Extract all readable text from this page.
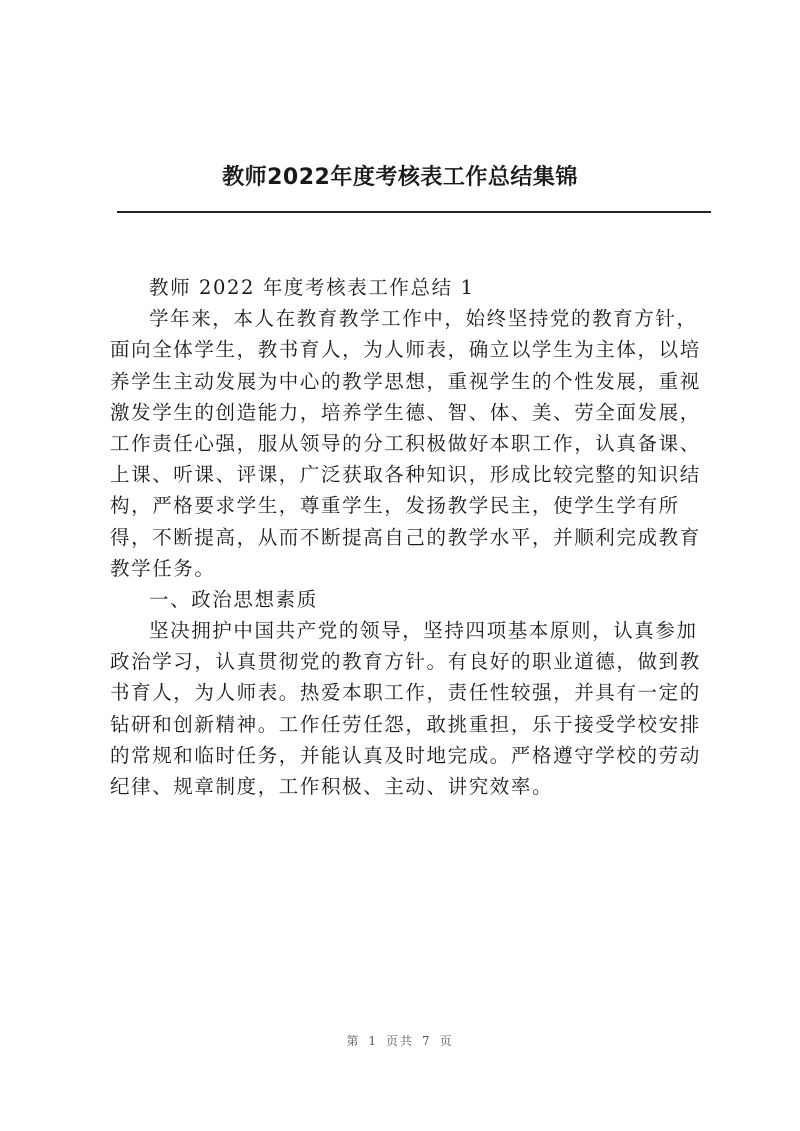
教师2022年度考核表工作总结集锦
教师 2022 年度考核表工作总结 1
学年来，本人在教育教学工作中，始终坚持党的教育方针，
面向全体学生，教书育人，为人师表，确立以学生为主体，以培
养学生主动发展为中心的教学思想，重视学生的个性发展，重视
激发学生的创造能力，培养学生德、智、体、美、劳全面发展，
工作责任心强，服从领导的分工积极做好本职工作，认真备课、
上课、听课、评课，广泛获取各种知识，形成比较完整的知识结
构，严格要求学生，尊重学生，发扬教学民主，使学生学有所
得，不断提高，从而不断提高自己的教学水平，并顺利完成教育
教学任务。
一、政治思想素质
坚决拥护中国共产党的领导，坚持四项基本原则，认真参加
政治学习，认真贯彻党的教育方针。有良好的职业道德，做到教
书育人，为人师表。热爱本职工作，责任性较强，并具有一定的
钻研和创新精神。工作任劳任怨，敢挑重担，乐于接受学校安排
的常规和临时任务，并能认真及时地完成。严格遵守学校的劳动
纪律、规章制度，工作积极、主动、讲究效率。
第 1 页共 7 页
